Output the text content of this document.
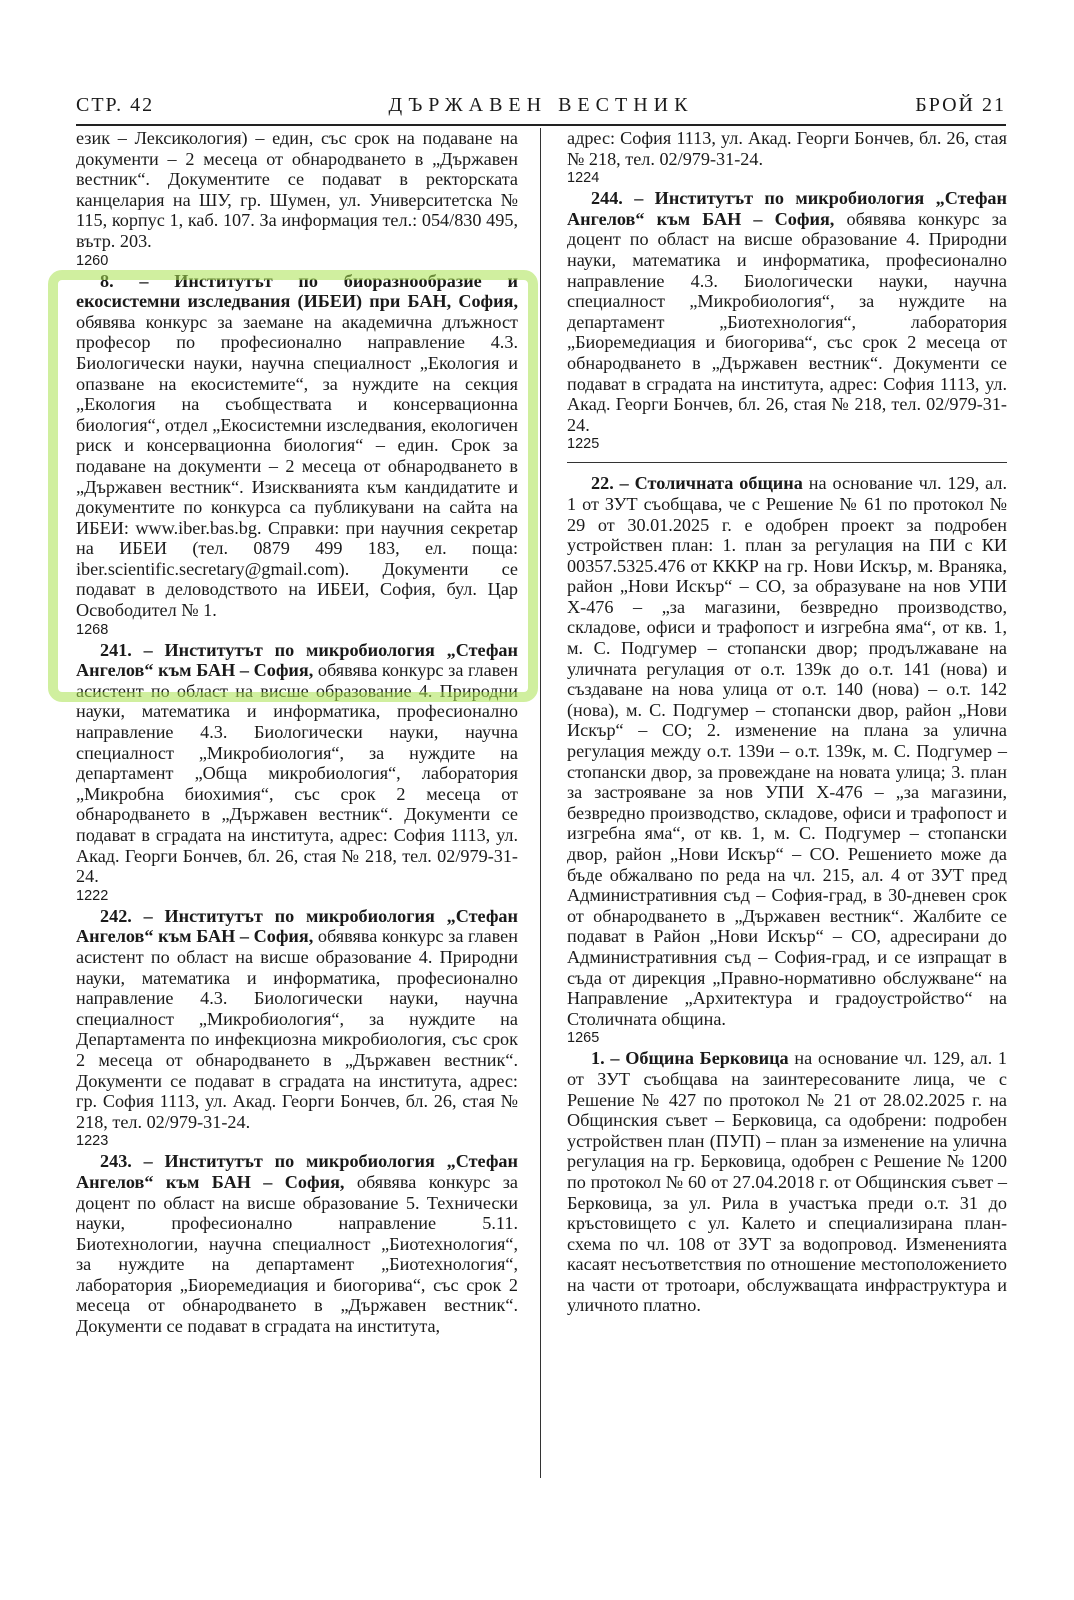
СТР. 42	ДЪРЖАВЕН ВЕСТНИК	БРОЙ 21

език – Лексикология) – един, със срок на подаване на документи – 2 месеца от обнародването в „Държавен вестник“. Документите се подават в ректорската канцелария на ШУ, гр. Шумен, ул. Университетска № 115, корпус 1, каб. 107. За информация тел.: 054/830 495, вътр. 203.

1260

8. – Институтът по биоразнообразие и екосистемни изследвания (ИБЕИ) при БАН, София, обявява конкурс за заемане на академична длъжност професор по професионално направление 4.3. Биологически науки, научна специалност „Екология и опазване на екосистемите“, за нуждите на секция „Екология на съобществата и консервационна биология“, отдел „Екосистемни изследвания, екологичен риск и консервационна биология“ – един. Срок за подаване на документи – 2 месеца от обнародването в „Държавен вестник“. Изискванията към кандидатите и документите по конкурса са публикувани на сайта на ИБЕИ: www.iber.bas.bg. Справки: при научния секретар на ИБЕИ (тел. 0879 499 183, ел. поща: iber.scientific.secretary@gmail.com). Документи се подават в деловодството на ИБЕИ, София, бул. Цар Освободител № 1.

1268

241. – Институтът по микробиология „Стефан Ангелов“ към БАН – София, обявява конкурс за главен асистент по област на висше образование 4. Природни науки, математика и информатика, професионално направление 4.3. Биологически науки, научна специалност „Микробиология“, за нуждите на департамент „Обща микробиология“, лаборатория „Микробна биохимия“, със срок 2 месеца от обнародването в „Държавен вестник“. Документи се подават в сградата на института, адрес: София 1113, ул. Акад. Георги Бончев, бл. 26, стая № 218, тел. 02/979-31-24.

1222

242. – Институтът по микробиология „Стефан Ангелов“ към БАН – София, обявява конкурс за главен асистент по област на висше образование 4. Природни науки, математика и информатика, професионално направление 4.3. Биологически науки, научна специалност „Микробиология“, за нуждите на Департамента по инфекциозна микробиология, със срок 2 месеца от обнародването в „Държавен вестник“. Документи се подават в сградата на института, адрес: гр. София 1113, ул. Акад. Георги Бончев, бл. 26, стая № 218, тел. 02/979-31-24.

1223

243. – Институтът по микробиология „Стефан Ангелов“ към БАН – София, обявява конкурс за доцент по област на висше образование 5. Технически науки, професионално направление 5.11. Биотехнологии, научна специалност „Биотехнология“, за нуждите на департамент „Биотехнология“, лаборатория „Биоремедиация и биогорива“, със срок 2 месеца от обнародването в „Държавен вестник“. Документи се подават в сградата на института,

адрес: София 1113, ул. Акад. Георги Бончев, бл. 26, стая № 218, тел. 02/979-31-24.

1224

244. – Институтът по микробиология „Стефан Ангелов“ към БАН – София, обявява конкурс за доцент по област на висше образование 4. Природни науки, математика и информатика, професионално направление 4.3. Биологически науки, научна специалност „Микробиология“, за нуждите на департамент „Биотехнология“, лаборатория „Биоремедиация и биогорива“, със срок 2 месеца от обнародването в „Държавен вестник“. Документи се подават в сградата на института, адрес: София 1113, ул. Акад. Георги Бончев, бл. 26, стая № 218, тел. 02/979-31-24.

1225

22. – Столичната община на основание чл. 129, ал. 1 от ЗУТ съобщава, че с Решение № 61 по протокол № 29 от 30.01.2025 г. е одобрен проект за подробен устройствен план: 1. план за регулация на ПИ с КИ 00357.5325.476 от КККР на гр. Нови Искър, м. Враняка, район „Нови Искър“ – СО, за образуване на нов УПИ Х-476 – „за магазини, безвредно производство, складове, офиси и трафопост и изгребна яма“, от кв. 1, м. С. Подгумер – стопански двор; продължаване на уличната регулация от о.т. 139к до о.т. 141 (нова) и създаване на нова улица от о.т. 140 (нова) – о.т. 142 (нова), м. С. Подгумер – стопански двор, район „Нови Искър“ – СО; 2. изменение на плана за улична регулация между о.т. 139и – о.т. 139к, м. С. Подгумер – стопански двор, за провеждане на новата улица; 3. план за застрояване за нов УПИ Х-476 – „за магазини, безвредно производство, складове, офиси и трафопост и изгребна яма“, от кв. 1, м. С. Подгумер – стопански двор, район „Нови Искър“ – СО. Решението може да бъде обжалвано по реда на чл. 215, ал. 4 от ЗУТ пред Административния съд – София-град, в 30-дневен срок от обнародването в „Държавен вестник“. Жалбите се подават в Район „Нови Искър“ – СО, адресирани до Административния съд – София-град, и се изпращат в съда от дирекция „Правно-нормативно обслужване“ на Направление „Архитектура и градоустройство“ на Столичната община.

1265

1. – Община Берковица на основание чл. 129, ал. 1 от ЗУТ съобщава на заинтересованите лица, че с Решение № 427 по протокол № 21 от 28.02.2025 г. на Общинския съвет – Берковица, са одобрени: подробен устройствен план (ПУП) – план за изменение на улична регулация на гр. Берковица, одобрен с Решение № 1200 по протокол № 60 от 27.04.2018 г. от Общинския съвет – Берковица, за ул. Рила в участъка преди о.т. 31 до кръстовището с ул. Калето и специализирана план-схема по чл. 108 от ЗУТ за водопровод. Измененията касаят несъответствия по отношение местоположението на части от тротоари, обслужващата инфраструктура и уличното платно.
